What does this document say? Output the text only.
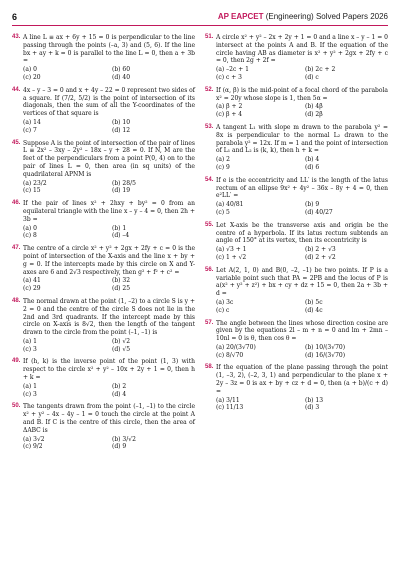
6	AP EAPCET (Engineering) Solved Papers 2026
43. A line L ≡ ax + 6y + 15 = 0 is perpendicular to the line passing through the points (–a, 3) and (5, 6). If the line bx + ay + k = 0 is parallel to the line L = 0, then a + 3b =
(a) 0	(b) 60
(c) 20	(d) 40
44. 4x – y – 3 = 0 and x + 4y – 22 = 0 represent two sides of a square. If (7/2, 5/2) is the point of intersection of its diagonals, then the sum of all the Y-coordinates of the vertices of that square is
(a) 14	(b) 10
(c) 7	(d) 12
45. Suppose A is the point of intersection of the pair of lines L ≡ 2x² – 3xy – 2y² – 18x – y + 28 = 0. If N, M are the feet of the perpendiculars from a point P(0, 4) on to the pair of lines L = 0, then area (in sq units) of the quadrilateral APNM is
(a) 23/2	(b) 28/5
(c) 15	(d) 19
46. If the pair of lines x² + 2hxy + by² = 0 from an equilateral triangle with the line x – y – 4 = 0, then 2h + 3b =
(a) 0	(b) 1
(c) 8	(d) –4
47. The centre of a circle x² + y² + 2gx + 2fy + c = 0 is the point of intersection of the X-axis and the line x + by + g = 0. If the intercepts made by this circle on X and Y-axes are 6 and 2√3 respectively, then g² + f² + c² =
(a) 41	(b) 32
(c) 29	(d) 25
48. The normal drawn at the point (1, –2) to a circle S is y + 2 = 0 and the centre of the circle S does not lie in the 2nd and 3rd quadrants. If the intercept made by this circle on X-axis is 8√2, then the length of the tangent drawn to the circle from the point (–1, –1) is
(a) 1	(b) √2
(c) 3	(d) √5
49. If (h, k) is the inverse point of the point (1, 3) with respect to the circle x² + y² – 10x + 2y + 1 = 0, then h + k =
(a) 1	(b) 2
(c) 3	(d) 4
50. The tangents drawn from the point (–1, –1) to the circle x² + y² – 4x – 4y – 1 = 0 touch the circle at the point A and B. If C is the centre of this circle, then the area of ΔABC is
(a) 3√2	(b) 3/√2
(c) 9/2	(d) 9
51. A circle x² + y² – 2x + 2y + 1 = 0 and a line x – y – 1 = 0 intersect at the points A and B. If the equation of the circle having AB as diameter is x² + y² + 2gx + 2fy + c = 0, then 2g + 2f =
(a) –2c + 1	(b) 2c + 2
(c) c + 3	(d) c
52. If (α, β) is the mid-point of a focal chord of the parabola x² = 20y whose slope is 1, then 5α =
(a) β + 2	(b) 4β
(c) β + 4	(d) 2β
53. A tangent L₁ with slope m drawn to the parabola y² = 8x is perpendicular to the normal L₂ drawn to the parabola y² = 12x. If m = 1 and the point of intersection of L₁ and L₂ is (k, k), then h + k =
(a) 2	(b) 4
(c) 9	(d) 6
54. If e is the eccentricity and LL′ is the length of the latus rectum of an ellipse 9x² + 4y² – 36x – 8y + 4 = 0, then e²LL′ =
(a) 40/81	(b) 9
(c) 5	(d) 40/27
55. Let X-axis be the transverse axis and origin be the centre of a hyperbola. If its latus rectum subtends an angle of 150° at its vertex, then its eccentricity is
(a) √3 + 1	(b) 2 + √3
(c) 1 + √2	(d) 2 + √2
56. Let A(2, 1, 0) and B(0, –2, –1) be two points. If P is a variable point such that PA = 2PB and the locus of P is a(x² + y² + z²) + bx + cy + dz + 15 = 0, then 2a + 3b + d =
(a) 3c	(b) 5c
(c) c	(d) 4c
57. The angle between the lines whose direction cosine are given by the equations 2l – m + n = 0 and lm + 2mn – 10nl = 0 is θ, then cos θ =
(a) 20/(3√70)	(b) 10/(3√70)
(c) 8/√70	(d) 16/(3√70)
58. If the equation of the plane passing through the point (1, –3, 2), (–2, 3, 1) and perpendicular to the plane x + 2y – 3z = 0 is ax + by + cz + d = 0, then (a + b)/(c + d) =
(a) 3/11	(b) 13
(c) 11/13	(d) 3
